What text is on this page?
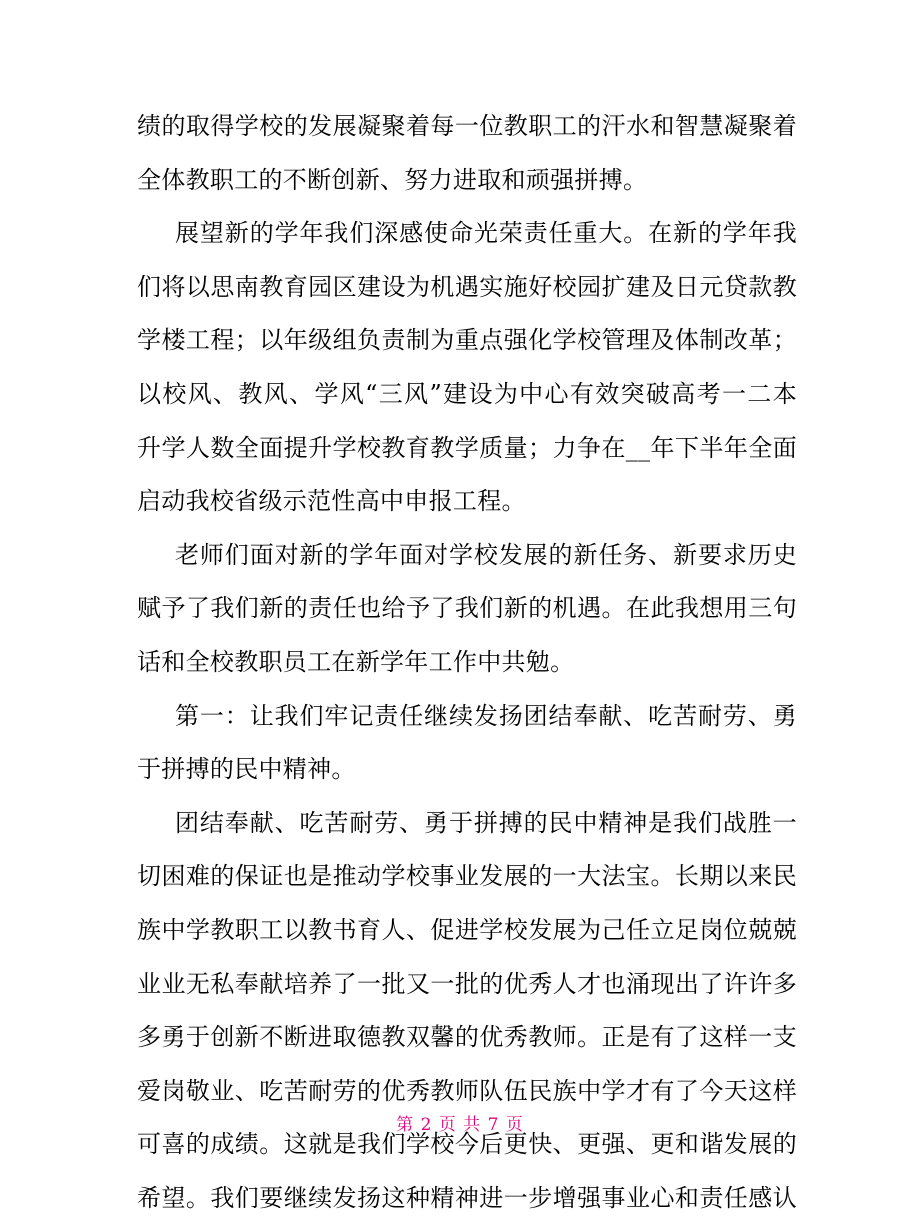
绩的取得学校的发展凝聚着每一位教职工的汗水和智慧凝聚着
全体教职工的不断创新、努力进取和顽强拼搏。
展望新的学年我们深感使命光荣责任重大。在新的学年我
们将以思南教育园区建设为机遇实施好校园扩建及日元贷款教
学楼工程；以年级组负责制为重点强化学校管理及体制改革；
以校风、教风、学风“三风”建设为中心有效突破高考一二本
升学人数全面提升学校教育教学质量；力争在__年下半年全面
启动我校省级示范性高中申报工程。
老师们面对新的学年面对学校发展的新任务、新要求历史
赋予了我们新的责任也给予了我们新的机遇。在此我想用三句
话和全校教职员工在新学年工作中共勉。
第一：让我们牢记责任继续发扬团结奉献、吃苦耐劳、勇
于拼搏的民中精神。
团结奉献、吃苦耐劳、勇于拼搏的民中精神是我们战胜一
切困难的保证也是推动学校事业发展的一大法宝。长期以来民
族中学教职工以教书育人、促进学校发展为己任立足岗位兢兢
业业无私奉献培养了一批又一批的优秀人才也涌现出了许许多
多勇于创新不断进取德教双馨的优秀教师。正是有了这样一支
爱岗敬业、吃苦耐劳的优秀教师队伍民族中学才有了今天这样
可喜的成绩。这就是我们学校今后更快、更强、更和谐发展的
希望。我们要继续发扬这种精神进一步增强事业心和责任感认
第 2 页 共 7 页
